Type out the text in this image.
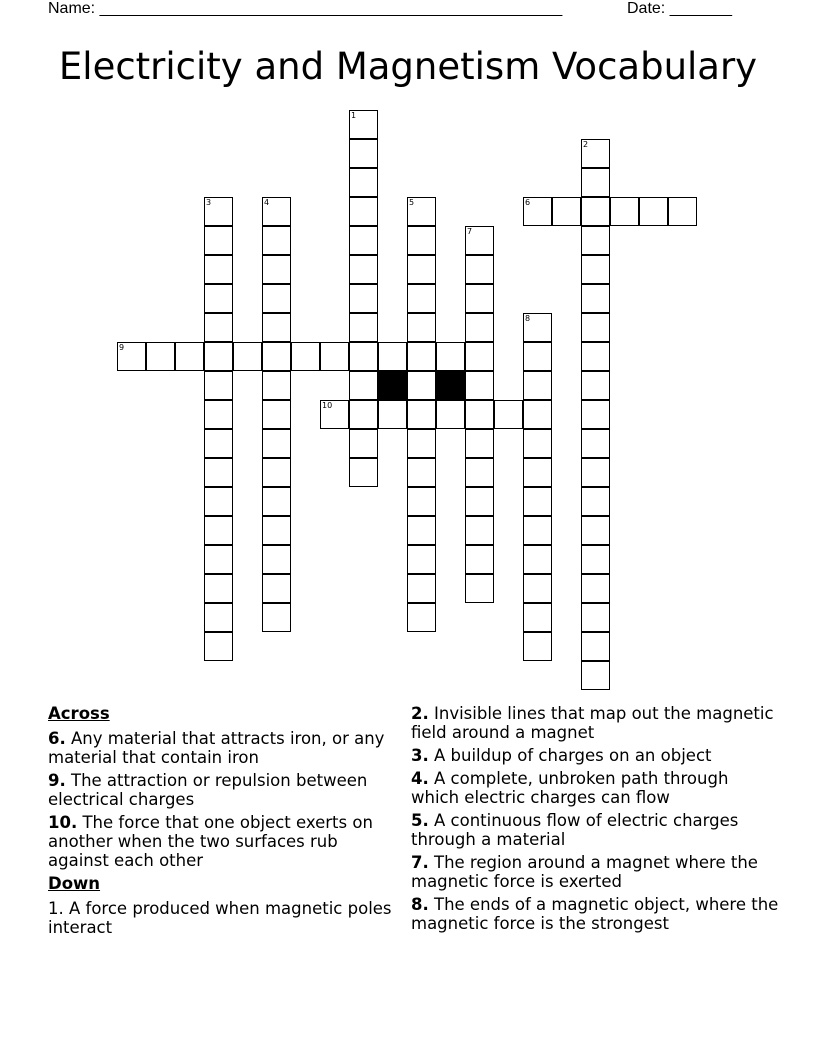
Name: ____________________________________________________	Date: _______
Electricity and Magnetism Vocabulary
1
2
3	4	5	6
7
8
9
10
Across
6. Any material that attracts iron, or any material that contain iron
9. The attraction or repulsion between electrical charges
10. The force that one object exerts on another when the two surfaces rub against each other
Down
1. A force produced when magnetic poles interact
2. Invisible lines that map out the magnetic field around a magnet
3. A buildup of charges on an object
4. A complete, unbroken path through which electric charges can flow
5. A continuous flow of electric charges through a material
7. The region around a magnet where the magnetic force is exerted
8. The ends of a magnetic object, where the magnetic force is the strongest
